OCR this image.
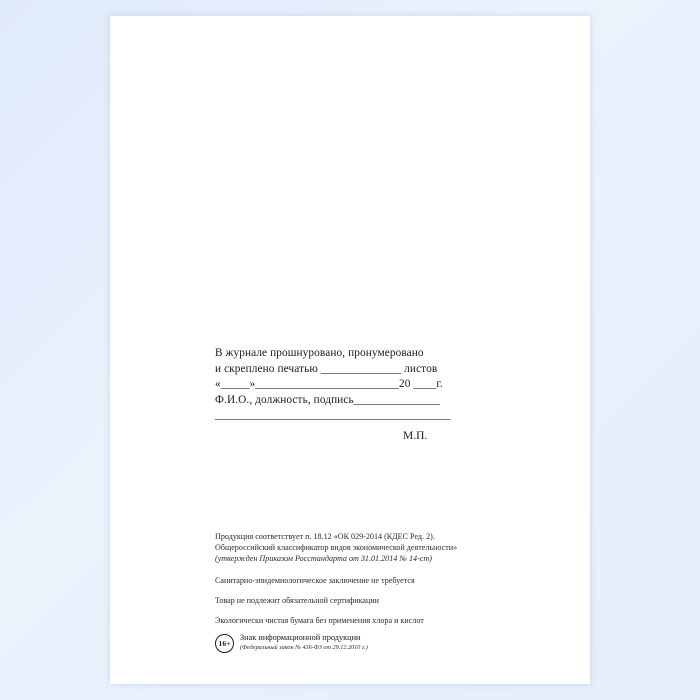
В журнале прошнуровано, пронумеровано
и скреплено печатью ______________ листов
«_____»_________________________20 ____г.
Ф.И.О., должность, подпись_______________
_________________________________________
М.П.
Продукция соответствует п. 18.12 «ОК 029-2014 (КДЕС Ред. 2).
Общероссийский классификатор видов экономической деятельности»
(утвержден Приказом Росстандарта от 31.01.2014 № 14-ст)
Санитарно-эпидемиологическое заключение не требуется
Товар не подлежит обязательной сертификации
Экологически чистая бумага без применения хлора и кислот
16+
Знак информационной продукции
(Федеральный закон № 436-ФЗ от 29.12.2010 г.)
